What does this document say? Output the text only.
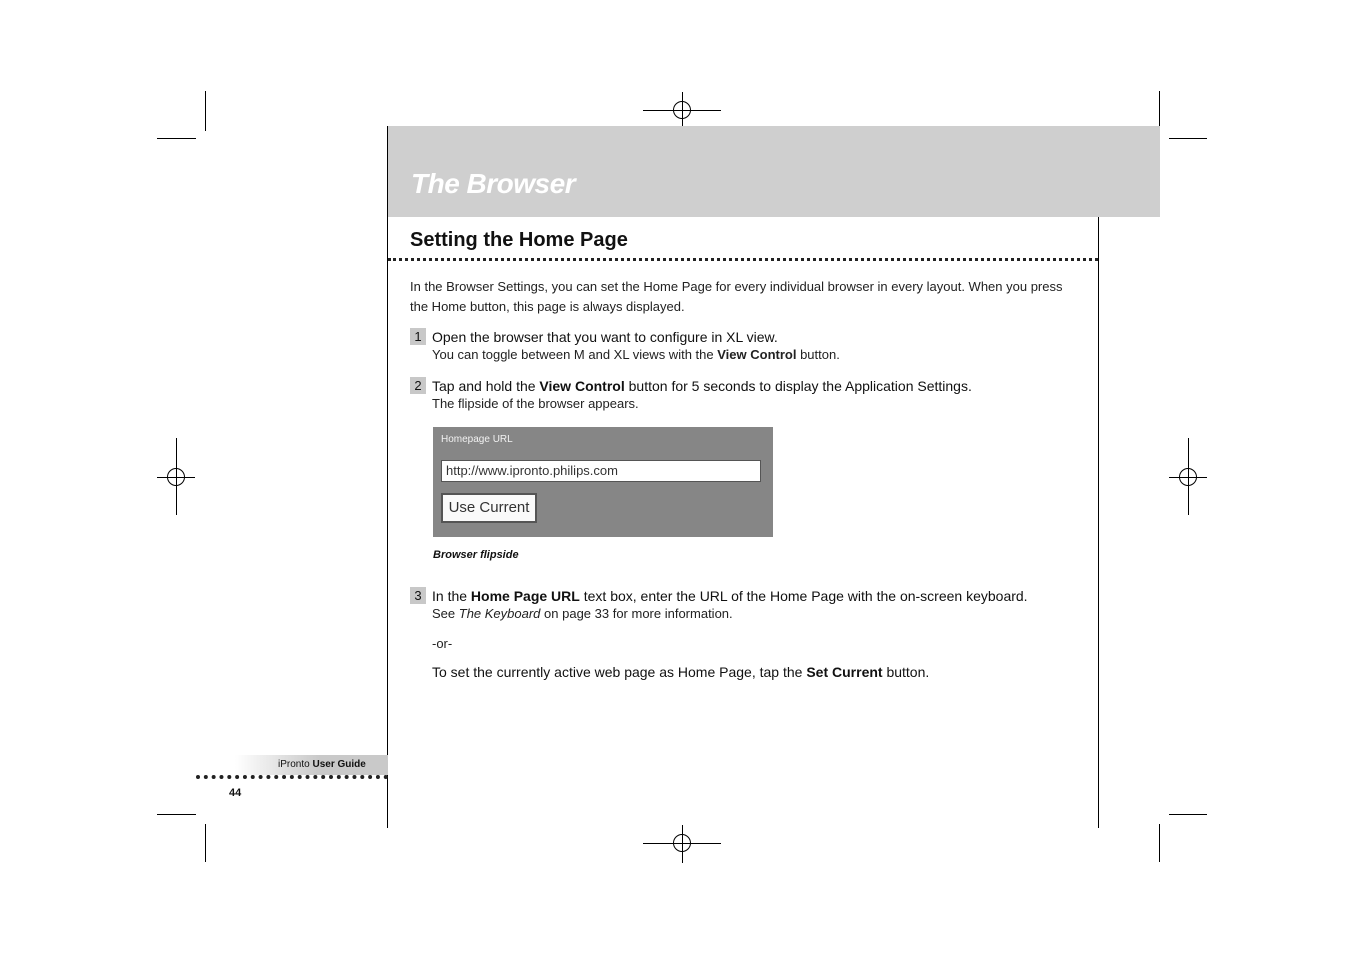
The Browser
Setting the Home Page
In the Browser Settings, you can set the Home Page for every individual browser in every layout. When you press the Home button, this page is always displayed.
1 Open the browser that you want to configure in XL view.
You can toggle between M and XL views with the View Control button.
2 Tap and hold the View Control button for 5 seconds to display the Application Settings.
The flipside of the browser appears.
Homepage URL
http://www.ipronto.philips.com
Use Current
Browser flipside
3 In the Home Page URL text box, enter the URL of the Home Page with the on-screen keyboard.
See The Keyboard on page 33 for more information.
-or-
To set the currently active web page as Home Page, tap the Set Current button.
iPronto User Guide
44
